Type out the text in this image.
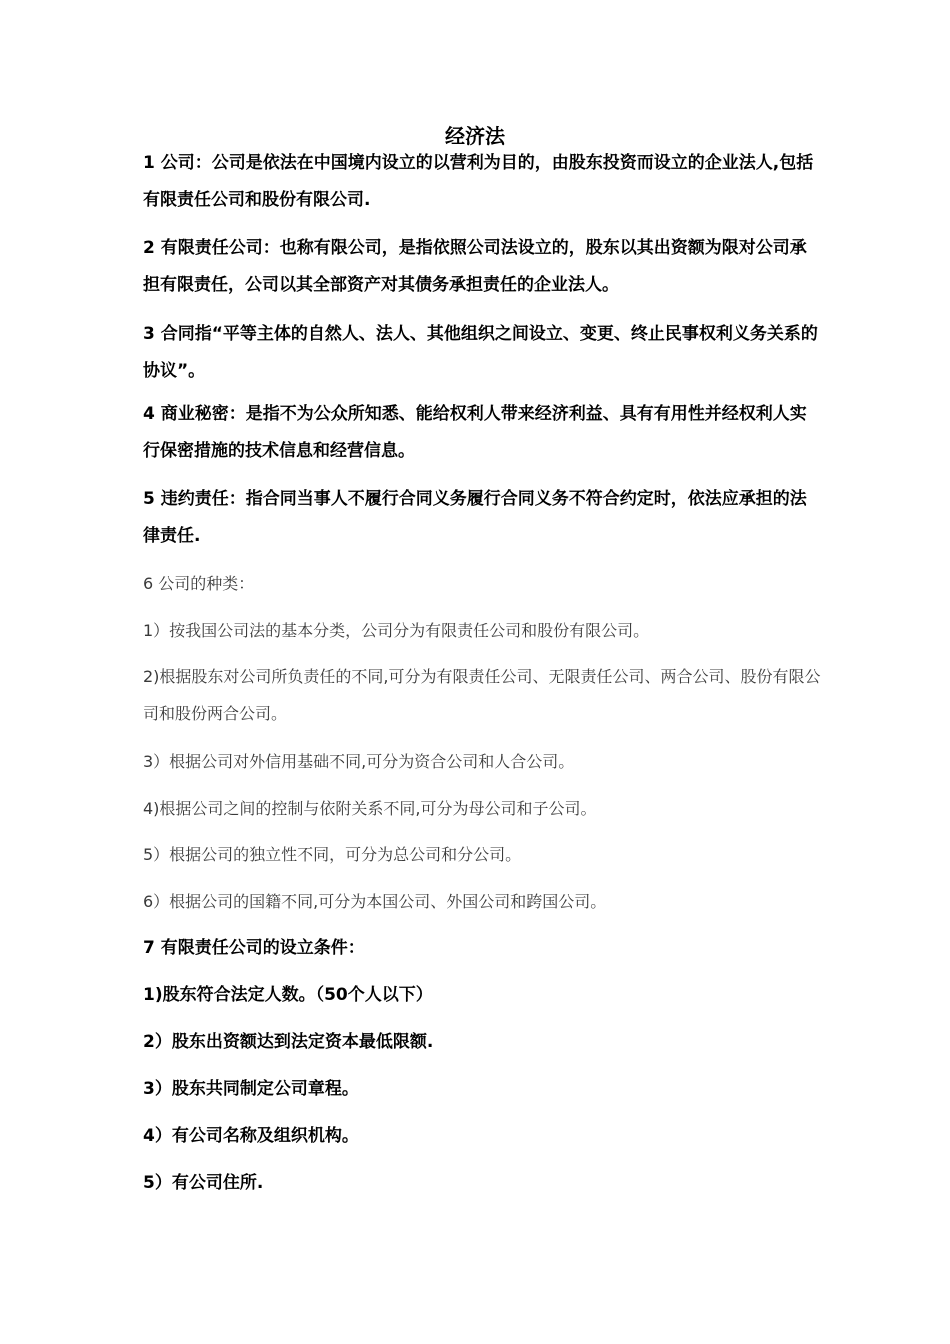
经济法
1 公司：公司是依法在中国境内设立的以营利为目的，由股东投资而设立的企业法人,包括有限责任公司和股份有限公司.
2 有限责任公司：也称有限公司，是指依照公司法设立的，股东以其出资额为限对公司承担有限责任，公司以其全部资产对其债务承担责任的企业法人。
3 合同指“平等主体的自然人、法人、其他组织之间设立、变更、终止民事权利义务关系的协议”。
4 商业秘密：是指不为公众所知悉、能给权利人带来经济利益、具有有用性并经权利人实行保密措施的技术信息和经营信息。
5 违约责任：指合同当事人不履行合同义务履行合同义务不符合约定时，依法应承担的法律责任.
6 公司的种类：
1）按我国公司法的基本分类，公司分为有限责任公司和股份有限公司。
2)根据股东对公司所负责任的不同,可分为有限责任公司、无限责任公司、两合公司、股份有限公司和股份两合公司。
3）根据公司对外信用基础不同,可分为资合公司和人合公司。
4)根据公司之间的控制与依附关系不同,可分为母公司和子公司。
5）根据公司的独立性不同，可分为总公司和分公司。
6）根据公司的国籍不同,可分为本国公司、外国公司和跨国公司。
7 有限责任公司的设立条件：
1)股东符合法定人数。（50个人以下）
2）股东出资额达到法定资本最低限额.
3）股东共同制定公司章程。
4）有公司名称及组织机构。
5）有公司住所.
